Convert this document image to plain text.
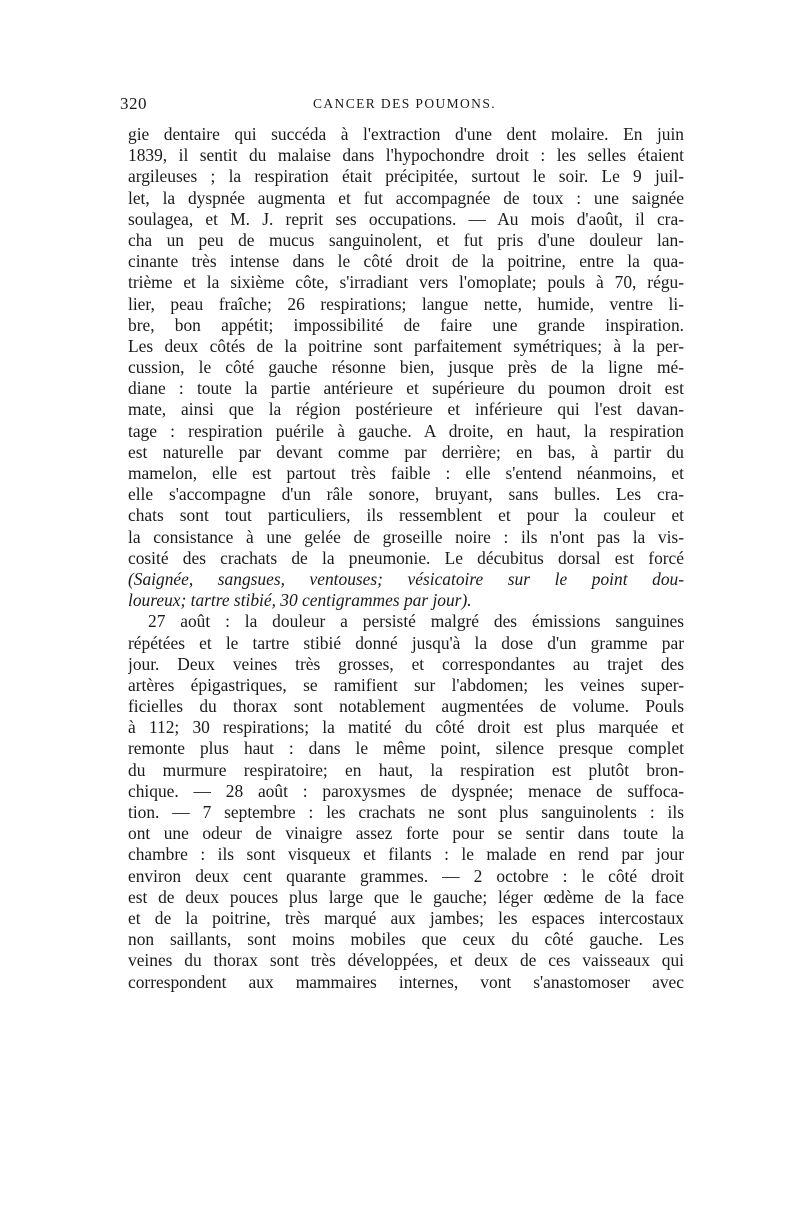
320	CANCER DES POUMONS.
gie dentaire qui succéda à l'extraction d'une dent molaire. En juin
1839, il sentit du malaise dans l'hypochondre droit : les selles étaient
argileuses ; la respiration était précipitée, surtout le soir. Le 9 juil-
let, la dyspnée augmenta et fut accompagnée de toux : une saignée
soulagea, et M. J. reprit ses occupations. — Au mois d'août, il cra-
cha un peu de mucus sanguinolent, et fut pris d'une douleur lan-
cinante très intense dans le côté droit de la poitrine, entre la qua-
trième et la sixième côte, s'irradiant vers l'omoplate; pouls à 70, régu-
lier, peau fraîche; 26 respirations; langue nette, humide, ventre li-
bre, bon appétit; impossibilité de faire une grande inspiration.
Les deux côtés de la poitrine sont parfaitement symétriques; à la per-
cussion, le côté gauche résonne bien, jusque près de la ligne mé-
diane : toute la partie antérieure et supérieure du poumon droit est
mate, ainsi que la région postérieure et inférieure qui l'est davan-
tage : respiration puérile à gauche. A droite, en haut, la respiration
est naturelle par devant comme par derrière; en bas, à partir du
mamelon, elle est partout très faible : elle s'entend néanmoins, et
elle s'accompagne d'un râle sonore, bruyant, sans bulles. Les cra-
chats sont tout particuliers, ils ressemblent et pour la couleur et
la consistance à une gelée de groseille noire : ils n'ont pas la vis-
cosité des crachats de la pneumonie. Le décubitus dorsal est forcé
(Saignée, sangsues, ventouses; vésicatoire sur le point dou-
loureux; tartre stibié, 30 centigrammes par jour).
27 août : la douleur a persisté malgré des émissions sanguines
répétées et le tartre stibié donné jusqu'à la dose d'un gramme par
jour. Deux veines très grosses, et correspondantes au trajet des
artères épigastriques, se ramifient sur l'abdomen; les veines super-
ficielles du thorax sont notablement augmentées de volume. Pouls
à 112; 30 respirations; la matité du côté droit est plus marquée et
remonte plus haut : dans le même point, silence presque complet
du murmure respiratoire; en haut, la respiration est plutôt bron-
chique. — 28 août : paroxysmes de dyspnée; menace de suffoca-
tion. — 7 septembre : les crachats ne sont plus sanguinolents : ils
ont une odeur de vinaigre assez forte pour se sentir dans toute la
chambre : ils sont visqueux et filants : le malade en rend par jour
environ deux cent quarante grammes. — 2 octobre : le côté droit
est de deux pouces plus large que le gauche; léger œdème de la face
et de la poitrine, très marqué aux jambes; les espaces intercostaux
non saillants, sont moins mobiles que ceux du côté gauche. Les
veines du thorax sont très développées, et deux de ces vaisseaux qui
correspondent aux mammaires internes, vont s'anastomoser avec
